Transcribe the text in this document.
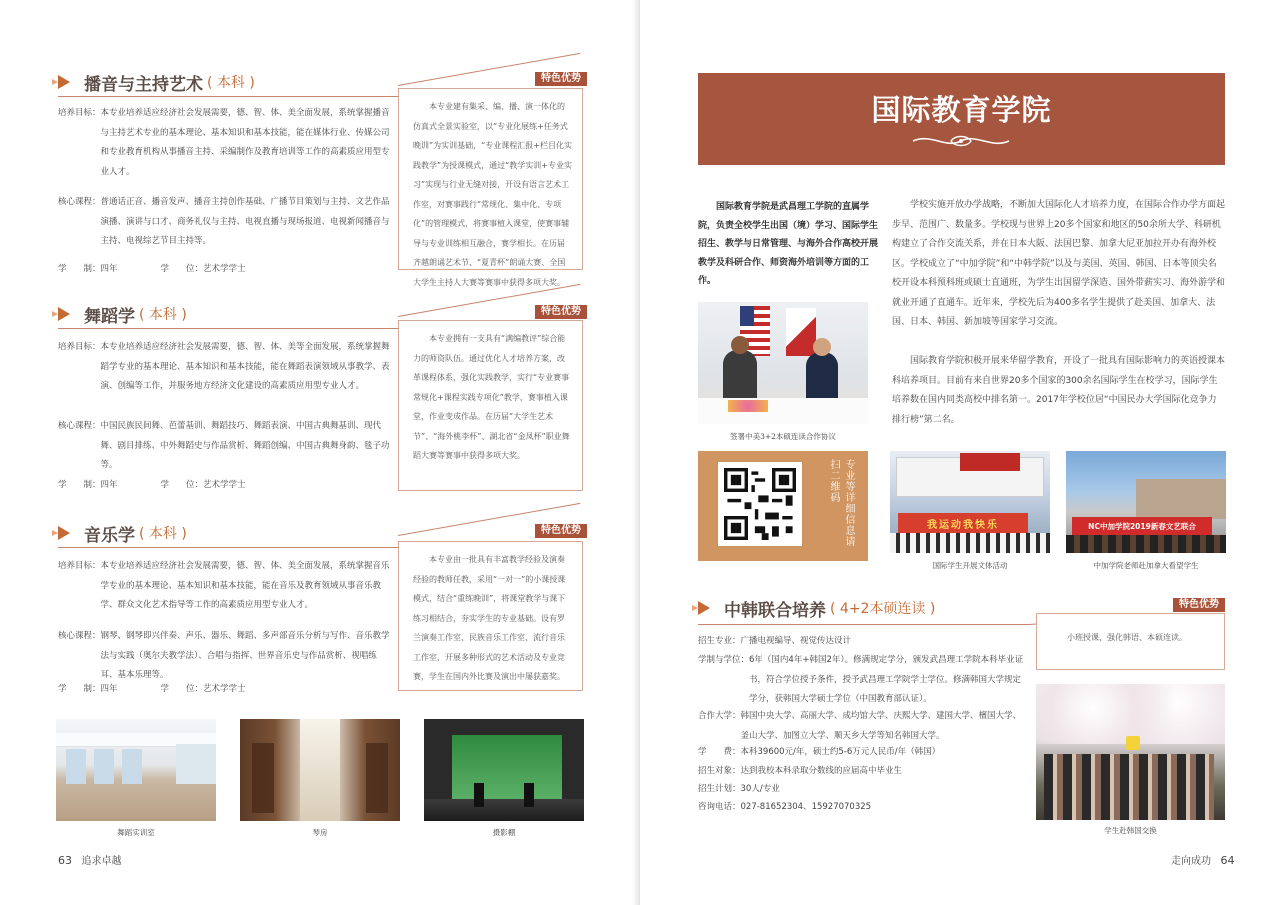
播音与主持艺术 ( 本科 )	特色优势
培养目标： 本专业培养适应经济社会发展需要，德、智、体、美全面发展，系统掌握播音与主持艺术专业的基本理论、基本知识和基本技能，能在媒体行业、传媒公司和专业教育机构从事播音主持、采编制作及教育培训等工作的高素质应用型专业人才。
核心课程： 普通话正音、播音发声、播音主持创作基础、广播节目策划与主持、文艺作品演播、演讲与口才、商务礼仪与主持、电视直播与现场报道、电视新闻播音与主持、电视综艺节目主持等。
学　　制： 四年	学　　位： 艺术学学士
本专业建有集采、编、播、演一体化的仿真式全景实验室，以“专业化展练+任务式晚训”为实训基础，“专业课程汇报+栏目化实践教学”为授课模式，通过“教学实训+专业实习”实现与行业无缝对接，开设有语言艺术工作室，对赛事践行“常规化、集中化、专项化”的管理模式，将赛事植入课堂，使赛事辅导与专业训练相互融合，赛学相长。在历届齐越朗诵艺术节、“夏青杯”朗诵大赛、全国大学生主持人大赛等赛事中获得多项大奖。
舞蹈学 ( 本科 )	特色优势
培养目标： 本专业培养适应经济社会发展需要，德、智、体、美等全面发展，系统掌握舞蹈学专业的基本理论、基本知识和基本技能，能在舞蹈表演领域从事教学、表演、创编等工作，并服务地方经济文化建设的高素质应用型专业人才。
核心课程： 中国民族民间舞、芭蕾基训、舞蹈技巧、舞蹈表演、中国古典舞基训、现代舞、剧目排练、中外舞蹈史与作品赏析、舞蹈创编、中国古典舞身韵、毯子功等。
学　　制： 四年	学　　位： 艺术学学士
本专业拥有一支具有“满编教评”综合能力的师资队伍。通过优化人才培养方案，改革课程体系，强化实践教学，实行“专业赛事常规化+课程实践专项化”教学，赛事植入课堂，作业变成作品。在历届“大学生艺术节”、“海外桃李杯”、湖北省“金凤杯”职业舞蹈大赛等赛事中获得多项大奖。
音乐学 ( 本科 )	特色优势
培养目标： 本专业培养适应经济社会发展需要，德、智、体、美全面发展，系统掌握音乐学专业的基本理论、基本知识和基本技能，能在音乐及教育领域从事音乐教学、群众文化艺术指导等工作的高素质应用型专业人才。
核心课程： 钢琴、钢琴即兴伴奏、声乐、器乐、舞蹈、多声部音乐分析与写作、音乐教学法与实践（奥尔夫教学法）、合唱与指挥、世界音乐史与作品赏析、视唱练耳、基本乐理等。
学　　制： 四年	学　　位： 艺术学学士
本专业由一批具有丰富教学经验及演奏经验的教师任教，采用“一对一”的小课授课模式，结合“重练晚训”，将课堂教学与课下练习相结合，夯实学生的专业基础。设有罗兰演奏工作室、民族音乐工作室、流行音乐工作室，开展多种形式的艺术活动及专业竞赛，学生在国内外比赛及演出中屡获嘉奖。
舞蹈实训室	琴房	摄影棚
63 追求卓越
国际教育学院
国际教育学院是武昌理工学院的直属学院，负责全校学生出国（境）学习、国际学生招生、教学与日常管理、与海外合作高校开展教学及科研合作、师资海外培训等方面的工作。
学校实施开放办学战略，不断加大国际化人才培养力度，在国际合作办学方面起步早、范围广、数量多。学校现与世界上20多个国家和地区的50余所大学、科研机构建立了合作交流关系，并在日本大阪、法国巴黎、加拿大尼亚加拉开办有海外校区。学校成立了“中加学院”和“中韩学院”以及与美国、英国、韩国、日本等顶尖名校开设本科预科班或硕士直通班，为学生出国留学深造、国外带薪实习、海外游学和就业开通了直通车。近年来，学校先后为400多名学生提供了赴美国、加拿大、法国、日本、韩国、新加坡等国家学习交流。
国际教育学院积极开展来华留学教育，开设了一批具有国际影响力的英语授课本科培养项目。目前有来自世界20多个国家的300余名国际学生在校学习，国际学生培养数在国内同类高校中排名第一。2017年学校位居“中国民办大学国际化竞争力排行榜”第二名。
签署中美3+2本硕连读合作协议
专业等详细信息请扫二维码
我运动我快乐
国际学生开展文体活动
NC中加学院2019新春文艺联合
中加学院老师赴加拿大看望学生
中韩联合培养 ( 4+2本硕连读 )	特色优势
小班授课、强化韩语、本硕连读。
招生专业： 广播电视编导、视觉传达设计
学制与学位： 6年（国内4年+韩国2年）。修满规定学分，颁发武昌理工学院本科毕业证书，符合学位授予条件，授予武昌理工学院学士学位。修满韩国大学规定学分，获韩国大学硕士学位（中国教育部认证）。
合作大学： 韩国中央大学、高丽大学、成均馆大学、庆熙大学、建国大学、檀国大学、釜山大学、加图立大学、顺天乡大学等知名韩国大学。
学　　费： 本科39600元/年，硕士约5-6万元人民币/年（韩国）
招生对象： 达到我校本科录取分数线的应届高中毕业生
招生计划： 30人/专业
咨询电话： 027-81652304、15927070325
学生赴韩国交换
走向成功 64
